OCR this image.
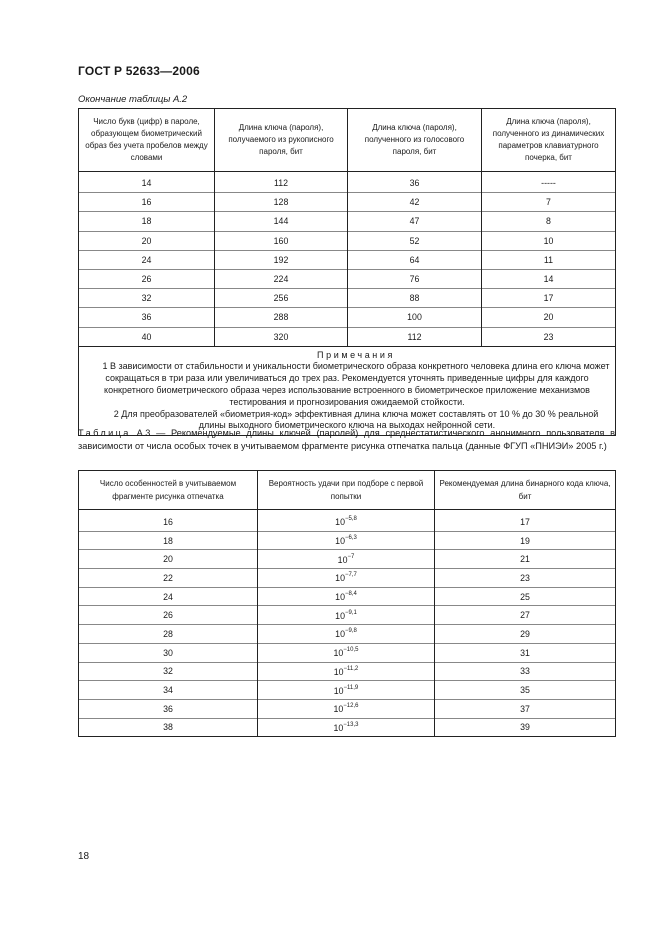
ГОСТ Р 52633—2006
Окончание таблицы А.2
Число букв (цифр) в пароле, образующем биометрический образ без учета пробелов между словами	Длина ключа (пароля), получаемого из рукописного пароля, бит	Длина ключа (пароля), полученного из голосового пароля, бит	Длина ключа (пароля), полученного из динамических параметров клавиатурного почерка, бит
14	112	36	-----
16	128	42	7
18	144	47	8
20	160	52	10
24	192	64	11
26	224	76	14
32	256	88	17
36	288	100	20
40	320	112	23

Примечания

1 В зависимости от стабильности и уникальности биометрического образа конкретного человека длина его ключа может сокращаться в три раза или увеличиваться до трех раз. Рекомендуется уточнять приведенные цифры для каждого конкретного биометрического образа через использование встроенного в биометрическое приложение механизмов тестирования и прогнозирования ожидаемой стойкости.

2 Для преобразователей «биометрия-код» эффективная длина ключа может составлять от 10 % до 30 % реальной длины выходного биометрического ключа на выходах нейронной сети.			

Таблица А.3 — Рекомендуемые длины ключей (паролей) для среднестатистического анонимного пользователя в зависимости от числа особых точек в учитываемом фрагменте рисунка отпечатка пальца (данные ФГУП «ПНИЭИ» 2005 г.)
Число особенностей в учитываемом фрагменте рисунка отпечатка	Вероятность удачи при подборе с первой попытки	Рекомендуемая длина бинарного кода ключа, бит
16	$10^{-5,8}$	17
18	$10^{-6,3}$	19
20	$10^{-7}$	21
22	$10^{-7,7}$	23
24	$10^{-8,4}$	25
26	$10^{-9,1}$	27
28	$10^{-9,8}$	29
30	$10^{-10,5}$	31
32	$10^{-11,2}$	33
34	$10^{-11,9}$	35
36	$10^{-12,6}$	37
38	$10^{-13,3}$	39
18
